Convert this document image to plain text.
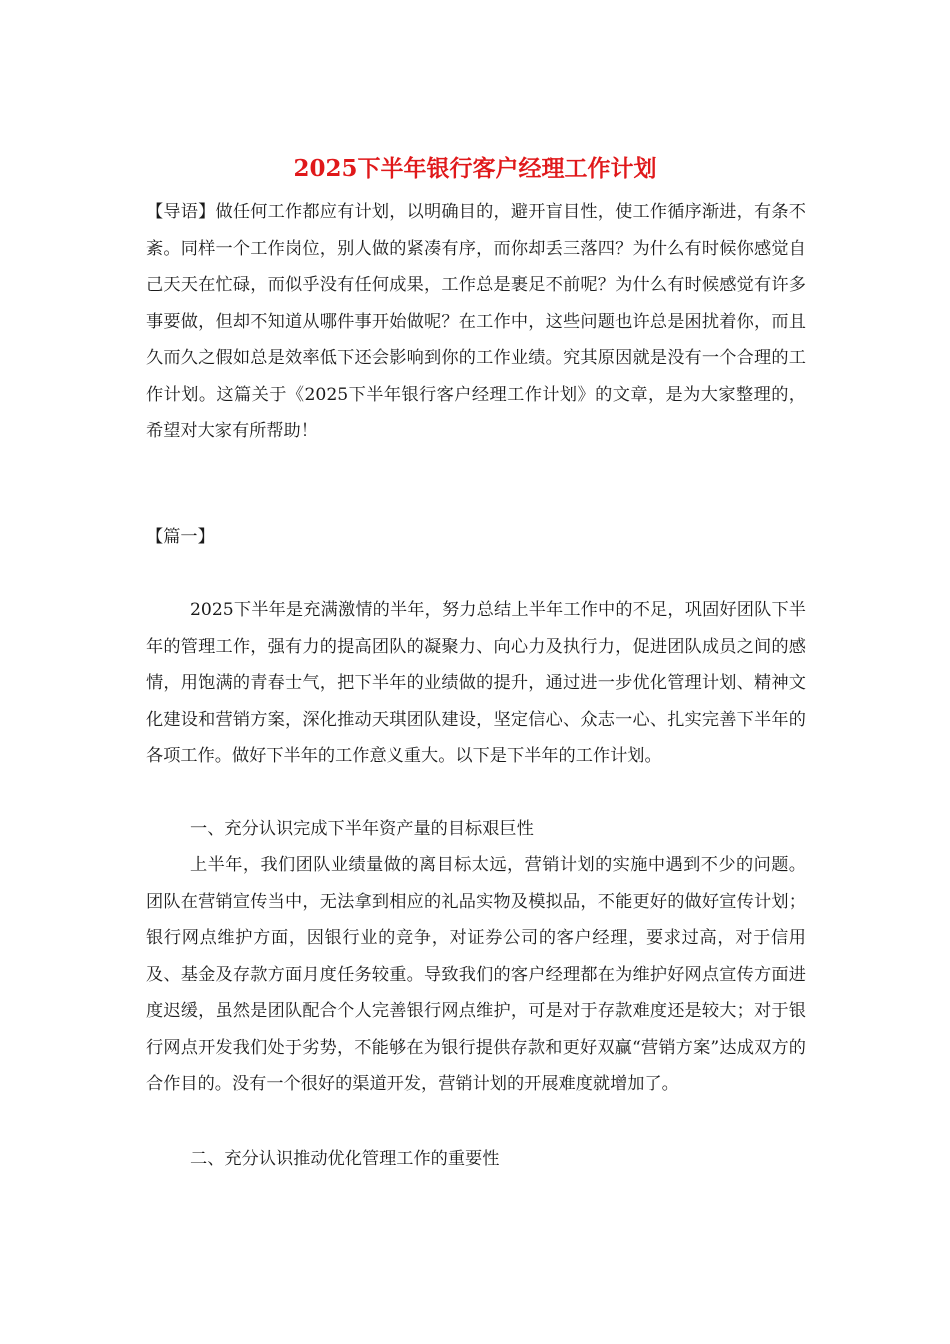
2025下半年银行客户经理工作计划

【导语】做任何工作都应有计划，以明确目的，避开盲目性，使工作循序渐进，有条不紊。同样一个工作岗位，别人做的紧凑有序，而你却丢三落四？为什么有时候你感觉自己天天在忙碌，而似乎没有任何成果，工作总是裹足不前呢？为什么有时候感觉有许多事要做，但却不知道从哪件事开始做呢？在工作中，这些问题也许总是困扰着你，而且久而久之假如总是效率低下还会影响到你的工作业绩。究其原因就是没有一个合理的工作计划。这篇关于《2025下半年银行客户经理工作计划》的文章，是为大家整理的，希望对大家有所帮助！

【篇一】

2025下半年是充满激情的半年，努力总结上半年工作中的不足，巩固好团队下半年的管理工作，强有力的提高团队的凝聚力、向心力及执行力，促进团队成员之间的感情，用饱满的青春士气，把下半年的业绩做的提升，通过进一步优化管理计划、精神文化建设和营销方案，深化推动天琪团队建设，坚定信心、众志一心、扎实完善下半年的各项工作。做好下半年的工作意义重大。以下是下半年的工作计划。

一、充分认识完成下半年资产量的目标艰巨性

上半年，我们团队业绩量做的离目标太远，营销计划的实施中遇到不少的问题。团队在营销宣传当中，无法拿到相应的礼品实物及模拟品，不能更好的做好宣传计划；银行网点维护方面，因银行业的竞争，对证券公司的客户经理，要求过高，对于信用及、基金及存款方面月度任务较重。导致我们的客户经理都在为维护好网点宣传方面进度迟缓，虽然是团队配合个人完善银行网点维护，可是对于存款难度还是较大；对于银行网点开发我们处于劣势，不能够在为银行提供存款和更好双赢“营销方案”达成双方的合作目的。没有一个很好的渠道开发，营销计划的开展难度就增加了。

二、充分认识推动优化管理工作的重要性
